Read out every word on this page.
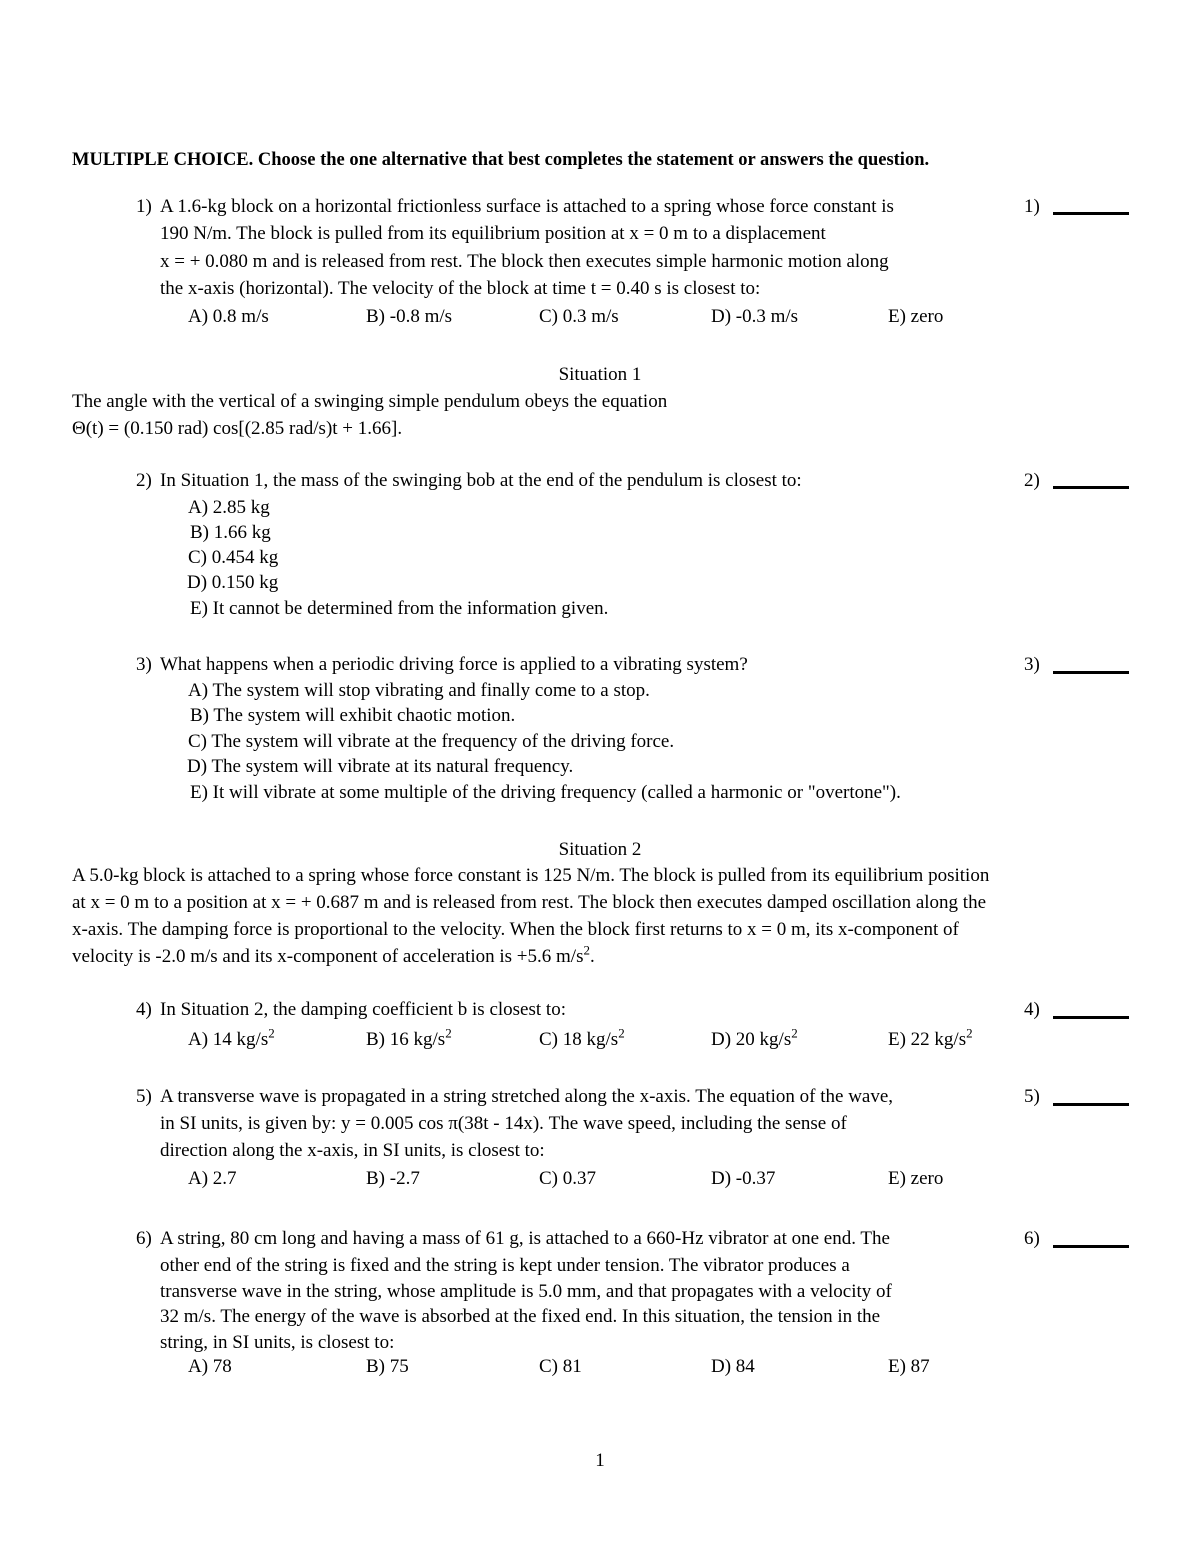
MULTIPLE CHOICE. Choose the one alternative that best completes the statement or answers the question.
1) A 1.6-kg block on a horizontal frictionless surface is attached to a spring whose force constant is
190 N/m. The block is pulled from its equilibrium position at x = 0 m to a displacement
x = + 0.080 m and is released from rest. The block then executes simple harmonic motion along
the x-axis (horizontal). The velocity of the block at time t = 0.40 s is closest to:
A) 0.8 m/s	B) -0.8 m/s	C) 0.3 m/s	D) -0.3 m/s	E) zero
1)
Situation 1
The angle with the vertical of a swinging simple pendulum obeys the equation
Θ(t) = (0.150 rad) cos[(2.85 rad/s)t + 1.66].
2) In Situation 1, the mass of the swinging bob at the end of the pendulum is closest to:
A) 2.85 kg
B) 1.66 kg
C) 0.454 kg
D) 0.150 kg
E) It cannot be determined from the information given.
2)
3) What happens when a periodic driving force is applied to a vibrating system?
A) The system will stop vibrating and finally come to a stop.
B) The system will exhibit chaotic motion.
C) The system will vibrate at the frequency of the driving force.
D) The system will vibrate at its natural frequency.
E) It will vibrate at some multiple of the driving frequency (called a harmonic or "overtone").
3)
Situation 2
A 5.0-kg block is attached to a spring whose force constant is 125 N/m. The block is pulled from its equilibrium position
at x = 0 m to a position at x = + 0.687 m and is released from rest. The block then executes damped oscillation along the
x-axis. The damping force is proportional to the velocity. When the block first returns to x = 0 m, its x-component of
velocity is -2.0 m/s and its x-component of acceleration is +5.6 $m/s^2$.
4) In Situation 2, the damping coefficient b is closest to:
A) 14 $kg/s^2$	B) 16 $kg/s^2$	C) 18 $kg/s^2$	D) 20 $kg/s^2$	E) 22 $kg/s^2$
4)
5) A transverse wave is propagated in a string stretched along the x-axis. The equation of the wave,
in SI units, is given by: y = 0.005 cos π(38t - 14x). The wave speed, including the sense of
direction along the x-axis, in SI units, is closest to:
A) 2.7	B) -2.7	C) 0.37	D) -0.37	E) zero
5)
6) A string, 80 cm long and having a mass of 61 g, is attached to a 660-Hz vibrator at one end. The
other end of the string is fixed and the string is kept under tension. The vibrator produces a
transverse wave in the string, whose amplitude is 5.0 mm, and that propagates with a velocity of
32 m/s. The energy of the wave is absorbed at the fixed end. In this situation, the tension in the
string, in SI units, is closest to:
A) 78	B) 75	C) 81	D) 84	E) 87
6)
1
